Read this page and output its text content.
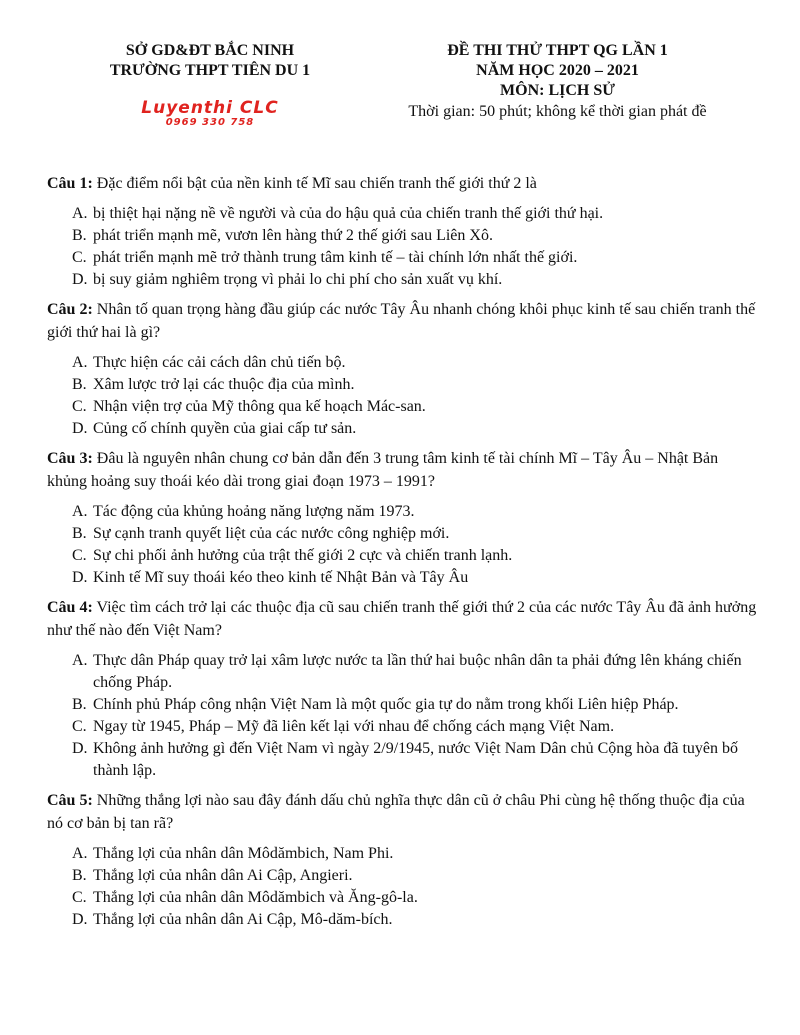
SỞ GD&ĐT BẮC NINH
TRƯỜNG THPT TIÊN DU 1
Luyenthi CLC
0969 330 758
ĐỀ THI THỬ THPT QG LẦN 1
NĂM HỌC 2020 – 2021
MÔN: LỊCH SỬ
Thời gian: 50 phút; không kể thời gian phát đề

Câu 1: Đặc điểm nổi bật của nền kinh tế Mĩ sau chiến tranh thế giới thứ 2 là

A. bị thiệt hại nặng nề về người và của do hậu quả của chiến tranh thế giới thứ hại.
B. phát triển mạnh mẽ, vươn lên hàng thứ 2 thế giới sau Liên Xô.
C. phát triển mạnh mẽ trở thành trung tâm kinh tế – tài chính lớn nhất thế giới.
D. bị suy giảm nghiêm trọng vì phải lo chi phí cho sản xuất vụ khí.

Câu 2: Nhân tố quan trọng hàng đầu giúp các nước Tây Âu nhanh chóng khôi phục kinh tế sau chiến tranh thế giới thứ hai là gì?

A. Thực hiện các cải cách dân chủ tiến bộ.
B. Xâm lược trở lại các thuộc địa của mình.
C. Nhận viện trợ của Mỹ thông qua kế hoạch Mác-san.
D. Củng cố chính quyền của giai cấp tư sản.

Câu 3: Đâu là nguyên nhân chung cơ bản dẫn đến 3 trung tâm kinh tế tài chính Mĩ – Tây Âu – Nhật Bản khủng hoảng suy thoái kéo dài trong giai đoạn 1973 – 1991?

A. Tác động của khủng hoảng năng lượng năm 1973.
B. Sự cạnh tranh quyết liệt của các nước công nghiệp mới.
C. Sự chi phối ảnh hưởng của trật thế giới 2 cực và chiến tranh lạnh.
D. Kinh tế Mĩ suy thoái kéo theo kinh tế Nhật Bản và Tây Âu

Câu 4: Việc tìm cách trở lại các thuộc địa cũ sau chiến tranh thế giới thứ 2 của các nước Tây Âu đã ảnh hưởng như thế nào đến Việt Nam?

A. Thực dân Pháp quay trở lại xâm lược nước ta lần thứ hai buộc nhân dân ta phải đứng lên kháng chiến chống Pháp.
B. Chính phủ Pháp công nhận Việt Nam là một quốc gia tự do nằm trong khối Liên hiệp Pháp.
C. Ngay từ 1945, Pháp – Mỹ đã liên kết lại với nhau để chống cách mạng Việt Nam.
D. Không ảnh hưởng gì đến Việt Nam vì ngày 2/9/1945, nước Việt Nam Dân chủ Cộng hòa đã tuyên bố thành lập.

Câu 5: Những thắng lợi nào sau đây đánh dấu chủ nghĩa thực dân cũ ở châu Phi cùng hệ thống thuộc địa của nó cơ bản bị tan rã?

A. Thắng lợi của nhân dân Môdămbich, Nam Phi.
B. Thắng lợi của nhân dân Ai Cập, Angieri.
C. Thắng lợi của nhân dân Môdămbich và Ăng-gô-la.
D. Thắng lợi của nhân dân Ai Cập, Mô-dăm-bích.
